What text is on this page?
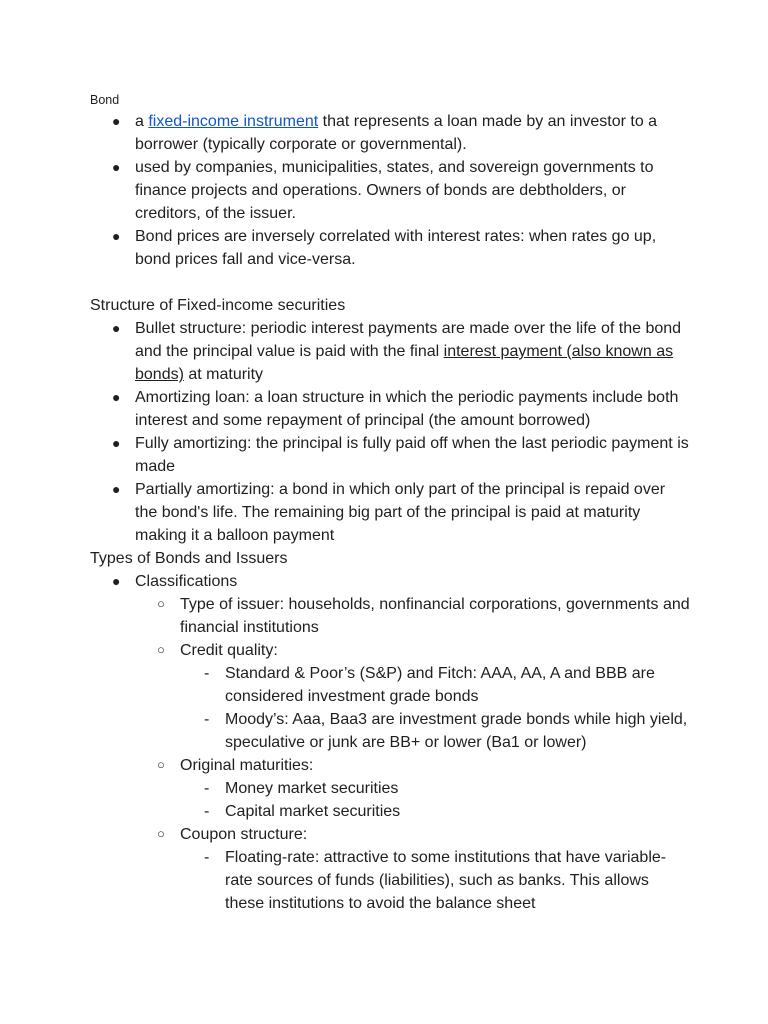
Bond

● a fixed-income instrument that represents a loan made by an investor to a borrower (typically corporate or governmental).
● used by companies, municipalities, states, and sovereign governments to finance projects and operations. Owners of bonds are debtholders, or creditors, of the issuer.
● Bond prices are inversely correlated with interest rates: when rates go up, bond prices fall and vice-versa.

Structure of Fixed-income securities

● Bullet structure: periodic interest payments are made over the life of the bond and the principal value is paid with the final interest payment (also known as bonds) at maturity
● Amortizing loan: a loan structure in which the periodic payments include both interest and some repayment of principal (the amount borrowed)
● Fully amortizing: the principal is fully paid off when the last periodic payment is made
● Partially amortizing: a bond in which only part of the principal is repaid over the bond's life. The remaining big part of the principal is paid at maturity making it a balloon payment

Types of Bonds and Issuers

● Classifications
○ Type of issuer: households, nonfinancial corporations, governments and financial institutions
○ Credit quality:
- Standard & Poor’s (S&P) and Fitch: AAA, AA, A and BBB are considered investment grade bonds
- Moody’s: Aaa, Baa3 are investment grade bonds while high yield, speculative or junk are BB+ or lower (Ba1 or lower)
○ Original maturities:
- Money market securities
- Capital market securities
○ Coupon structure:
- Floating-rate: attractive to some institutions that have variable-rate sources of funds (liabilities), such as banks. This allows these institutions to avoid the balance sheet
